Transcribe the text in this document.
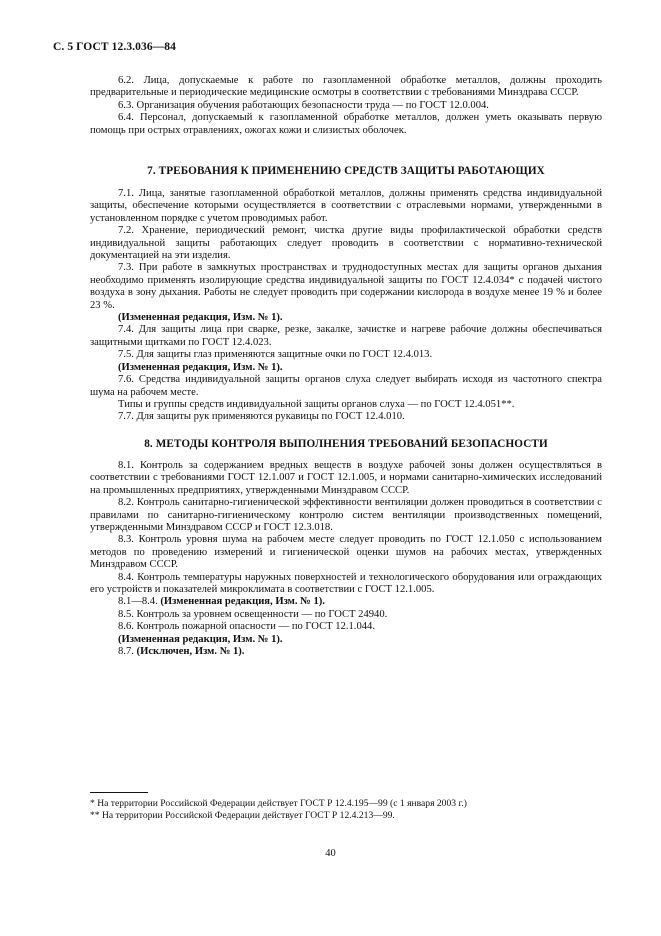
С. 5 ГОСТ 12.3.036—84

6.2. Лица, допускаемые к работе по газопламенной обработке металлов, должны проходить предварительные и периодические медицинские осмотры в соответствии с требованиями Минздрава СССР.

6.3. Организация обучения работающих безопасности труда — по ГОСТ 12.0.004.

6.4. Персонал, допускаемый к газопламенной обработке металлов, должен уметь оказывать первую помощь при острых отравлениях, ожогах кожи и слизистых оболочек.

7. ТРЕБОВАНИЯ К ПРИМЕНЕНИЮ СРЕДСТВ ЗАЩИТЫ РАБОТАЮЩИХ

7.1. Лица, занятые газопламенной обработкой металлов, должны применять средства индивидуальной защиты, обеспечение которыми осуществляется в соответствии с отраслевыми нормами, утвержденными в установленном порядке с учетом проводимых работ.

7.2. Хранение, периодический ремонт, чистка другие виды профилактической обработки средств индивидуальной защиты работающих следует проводить в соответствии с нормативно-технической документацией на эти изделия.

7.3. При работе в замкнутых пространствах и труднодоступных местах для защиты органов дыхания необходимо применять изолирующие средства индивидуальной защиты по ГОСТ 12.4.034* с подачей чистого воздуха в зону дыхания. Работы не следует проводить при содержании кислорода в воздухе менее 19 % и более 23 %.

(Измененная редакция, Изм. № 1).

7.4. Для защиты лица при сварке, резке, закалке, зачистке и нагреве рабочие должны обеспечиваться защитными щитками по ГОСТ 12.4.023.

7.5. Для защиты глаз применяются защитные очки по ГОСТ 12.4.013.

(Измененная редакция, Изм. № 1).

7.6. Средства индивидуальной защиты органов слуха следует выбирать исходя из частотного спектра шума на рабочем месте.

Типы и группы средств индивидуальной защиты органов слуха — по ГОСТ 12.4.051**.

7.7. Для защиты рук применяются рукавицы по ГОСТ 12.4.010.

8. МЕТОДЫ КОНТРОЛЯ ВЫПОЛНЕНИЯ ТРЕБОВАНИЙ БЕЗОПАСНОСТИ

8.1. Контроль за содержанием вредных веществ в воздухе рабочей зоны должен осуществляться в соответствии с требованиями ГОСТ 12.1.007 и ГОСТ 12.1.005, и нормами санитарно-химических исследований на промышленных предприятиях, утвержденными Минздравом СССР.

8.2. Контроль санитарно-гигиенической эффективности вентиляции должен проводиться в соответствии с правилами по санитарно-гигиеническому контролю систем вентиляции производственных помещений, утвержденными Минздравом СССР и ГОСТ 12.3.018.

8.3. Контроль уровня шума на рабочем месте следует проводить по ГОСТ 12.1.050 с использованием методов по проведению измерений и гигиенической оценки шумов на рабочих местах, утвержденных Минздравом СССР.

8.4. Контроль температуры наружных поверхностей и технологического оборудования или ограждающих его устройств и показателей микроклимата в соответствии с ГОСТ 12.1.005.

8.1—8.4. (Измененная редакция, Изм. № 1).

8.5. Контроль за уровнем освещенности — по ГОСТ 24940.

8.6. Контроль пожарной опасности — по ГОСТ 12.1.044.

(Измененная редакция, Изм. № 1).

8.7. (Исключен, Изм. № 1).

* На территории Российской Федерации действует ГОСТ Р 12.4.195—99 (с 1 января 2003 г.)
** На территории Российской Федерации действует ГОСТ Р 12.4.213—99.
40
